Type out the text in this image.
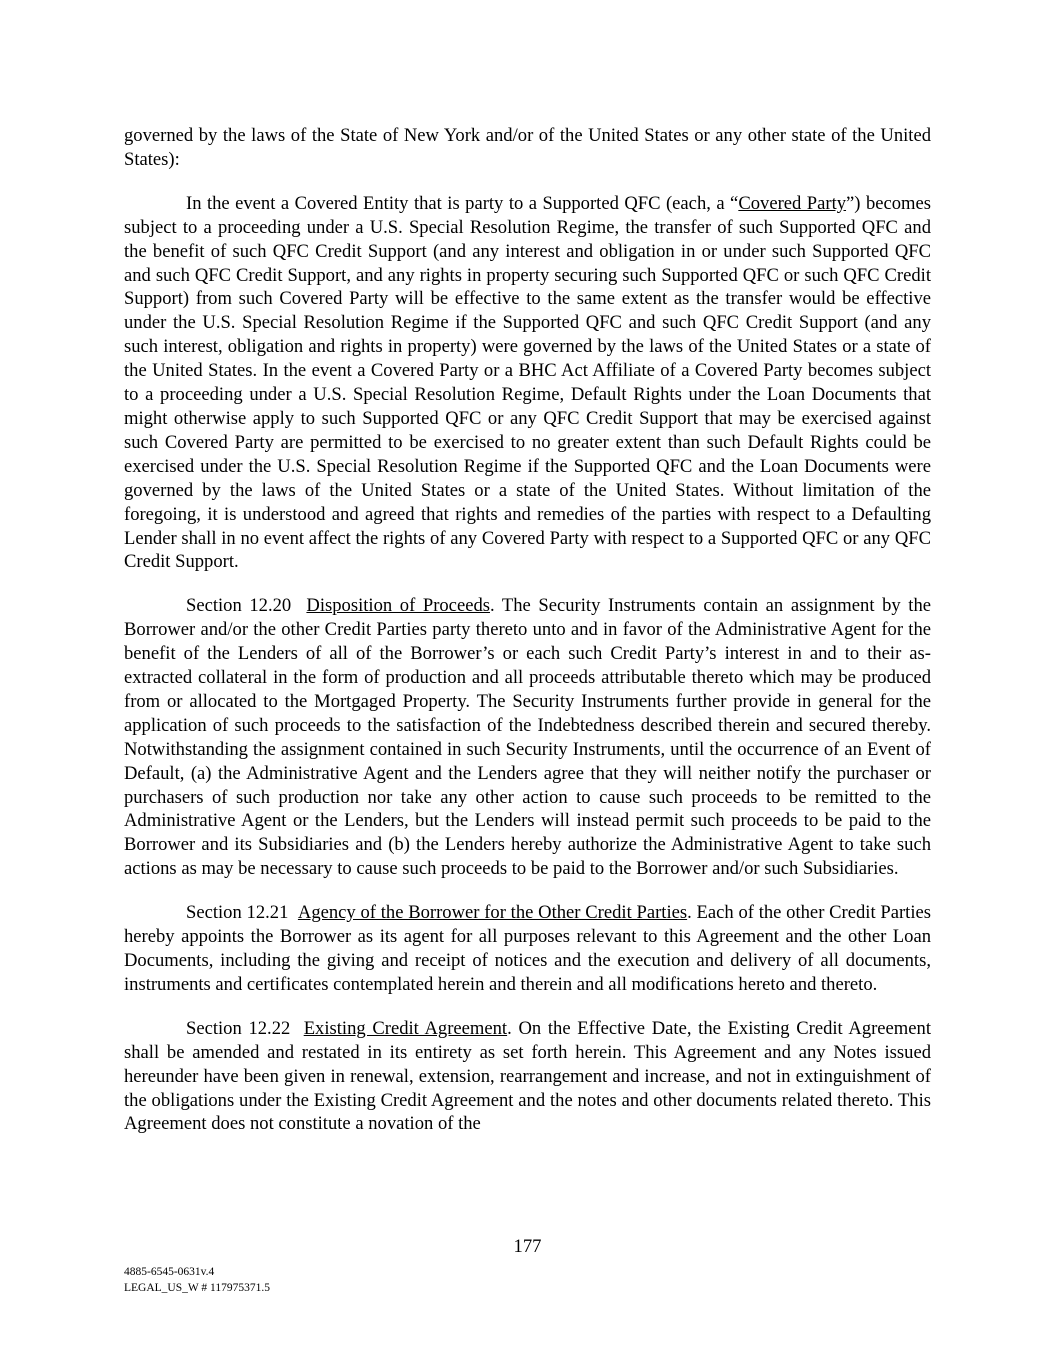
governed by the laws of the State of New York and/or of the United States or any other state of the United States):

In the event a Covered Entity that is party to a Supported QFC (each, a “Covered Party”) becomes subject to a proceeding under a U.S. Special Resolution Regime, the transfer of such Supported QFC and the benefit of such QFC Credit Support (and any interest and obligation in or under such Supported QFC and such QFC Credit Support, and any rights in property securing such Supported QFC or such QFC Credit Support) from such Covered Party will be effective to the same extent as the transfer would be effective under the U.S. Special Resolution Regime if the Supported QFC and such QFC Credit Support (and any such interest, obligation and rights in property) were governed by the laws of the United States or a state of the United States. In the event a Covered Party or a BHC Act Affiliate of a Covered Party becomes subject to a proceeding under a U.S. Special Resolution Regime, Default Rights under the Loan Documents that might otherwise apply to such Supported QFC or any QFC Credit Support that may be exercised against such Covered Party are permitted to be exercised to no greater extent than such Default Rights could be exercised under the U.S. Special Resolution Regime if the Supported QFC and the Loan Documents were governed by the laws of the United States or a state of the United States. Without limitation of the foregoing, it is understood and agreed that rights and remedies of the parties with respect to a Defaulting Lender shall in no event affect the rights of any Covered Party with respect to a Supported QFC or any QFC Credit Support.

Section 12.20 Disposition of Proceeds. The Security Instruments contain an assignment by the Borrower and/or the other Credit Parties party thereto unto and in favor of the Administrative Agent for the benefit of the Lenders of all of the Borrower’s or each such Credit Party’s interest in and to their as-extracted collateral in the form of production and all proceeds attributable thereto which may be produced from or allocated to the Mortgaged Property. The Security Instruments further provide in general for the application of such proceeds to the satisfaction of the Indebtedness described therein and secured thereby. Notwithstanding the assignment contained in such Security Instruments, until the occurrence of an Event of Default, (a) the Administrative Agent and the Lenders agree that they will neither notify the purchaser or purchasers of such production nor take any other action to cause such proceeds to be remitted to the Administrative Agent or the Lenders, but the Lenders will instead permit such proceeds to be paid to the Borrower and its Subsidiaries and (b) the Lenders hereby authorize the Administrative Agent to take such actions as may be necessary to cause such proceeds to be paid to the Borrower and/or such Subsidiaries.

Section 12.21 Agency of the Borrower for the Other Credit Parties. Each of the other Credit Parties hereby appoints the Borrower as its agent for all purposes relevant to this Agreement and the other Loan Documents, including the giving and receipt of notices and the execution and delivery of all documents, instruments and certificates contemplated herein and therein and all modifications hereto and thereto.

Section 12.22 Existing Credit Agreement. On the Effective Date, the Existing Credit Agreement shall be amended and restated in its entirety as set forth herein. This Agreement and any Notes issued hereunder have been given in renewal, extension, rearrangement and increase, and not in extinguishment of the obligations under the Existing Credit Agreement and the notes and other documents related thereto. This Agreement does not constitute a novation of the

177
4885-6545-0631v.4
LEGAL_US_W # 117975371.5
